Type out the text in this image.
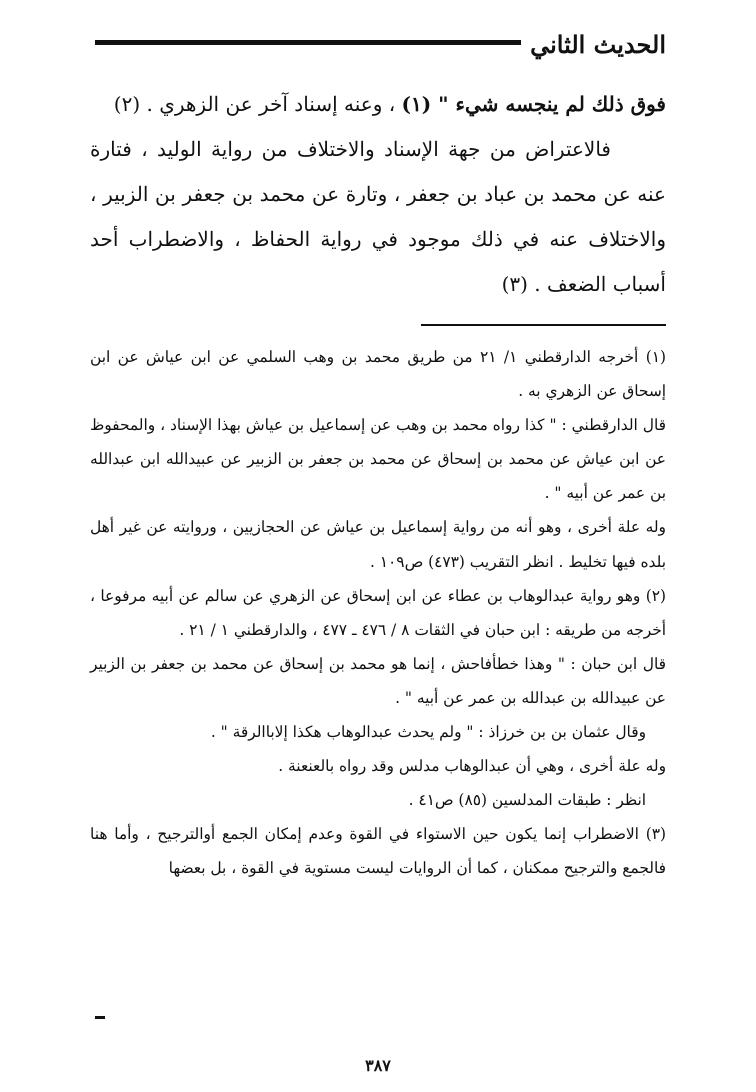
الحديث الثاني

فوق ذلك لم ينجسه شيء " (١) ، وعنه إسناد آخر عن الزهري . (٢)

فالاعتراض من جهة الإسناد والاختلاف من رواية الوليد ، فتارة عنه عن محمد بن عباد بن جعفر ، وتارة عن محمد بن جعفر بن الزبير ، والاختلاف عنه في ذلك موجود في رواية الحفاظ ، والاضطراب أحد أسباب الضعف . (٣)

(١) أخرجه الدارقطني ١/ ٢١ من طريق محمد بن وهب السلمي عن ابن عياش عن ابن إسحاق عن الزهري به .

قال الدارقطني : " كذا رواه محمد بن وهب عن إسماعيل بن عياش بهذا الإسناد ، والمحفوظ عن ابن عياش عن محمد بن إسحاق عن محمد بن جعفر بن الزبير عن عبيدالله ابن عبدالله بن عمر عن أبيه " .

وله علة أخرى ، وهو أنه من رواية إسماعيل بن عياش عن الحجازيين ، وروايته عن غير أهل بلده فيها تخليط . انظر التقريب (٤٧٣) ص١٠٩ .

(٢) وهو رواية عبدالوهاب بن عطاء عن ابن إسحاق عن الزهري عن سالم عن أبيه مرفوعا ، أخرجه من طريقه : ابن حبان في الثقات ٨ / ٤٧٦ ـ ٤٧٧ ، والدارقطني ١ / ٢١ .

قال ابن حبان : " وهذا خطأفاحش ، إنما هو محمد بن إسحاق عن محمد بن جعفر بن الزبير عن عبيدالله بن عبدالله بن عمر عن أبيه " .

وقال عثمان بن بن خرزاذ : " ولم يحدث عبدالوهاب هكذا إلاباالرقة " .

وله علة أخرى ، وهي أن عبدالوهاب مدلس وقد رواه بالعنعنة .

انظر : طبقات المدلسين (٨٥) ص٤١ .

(٣) الاضطراب إنما يكون حين الاستواء في القوة وعدم إمكان الجمع أوالترجيح ، وأما هنا فالجمع والترجيح ممكنان ، كما أن الروايات ليست مستوية في القوة ، بل بعضها

٣٨٧
